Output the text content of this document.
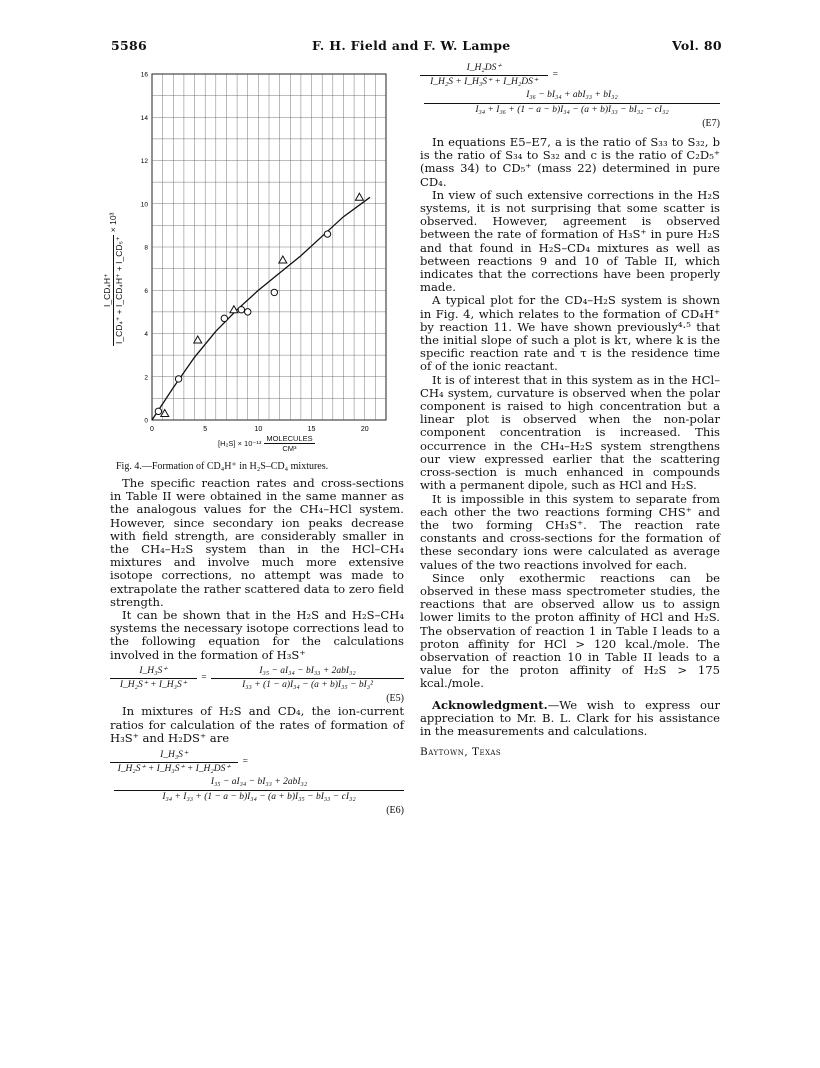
5586	F. H. Field and F. W. Lampe	Vol. 80
0	5	10	15	20
0
2
4
6
8
10
12
14
16
I_CD₄H⁺ I_CD₄⁺ + I_CD₄H⁺ + I_CD₅⁺
× 10³
$[H_2S] \times 10^{-13} \frac{\text{MOLECULES}}{\text{CM³}}$
Fig. 4.—Formation of CD₄H⁺ in H₂S–CD₄ mixtures.

The specific reaction rates and cross-sections in Table II were obtained in the same manner as the analogous values for the CH₄–HCl system. However, since secondary ion peaks decrease with field strength, are considerably smaller in the CH₄–H₂S system than in the HCl–CH₄ mixtures and involve much more extensive isotope corrections, no attempt was made to extrapolate the rather scattered data to zero field strength.

It can be shown that in the H₂S and H₂S–CH₄ systems the necessary isotope corrections lead to the following equation for the calculations involved in the formation of H₃S⁺

$\frac{\text{I\_H₃S⁺}}{\text{I\_H₂S⁺ + I\_H₃S⁺}} = \frac{\text{I₃₅ − aI₃₄ − bI₃₃ + 2abI₃₂}}{\text{I₃₃ + (1 − a)I₃₄ − (a + b)I₃₅ − bI₃²}}$
(E5)

In mixtures of H₂S and CD₄, the ion-current ratios for calculation of the rates of formation of H₃S⁺ and H₂DS⁺ are

$\frac{\text{I\_H₃S⁺}}{\text{I\_H₂S⁺ + I\_H₃S⁺ + I\_H₂DS⁺}}$ =
$\frac{\text{I₃₅ − aI₃₄ − bI₃₃ + 2abI₃₂}}{\text{I₃₄ + I₃₃ + (1 − a − b)I₃₄ − (a + b)I₃₅ − bI₃₃ − cI₃₂}}$
(E6)
$\frac{\text{I\_H₂DS⁺}}{\text{I\_H₂S + I\_H₃S⁺ + I\_H₂DS⁺}}$ =
$\frac{\text{I₃₆ − bI₃₄ + abI₃₃ + bI₃₂}}{\text{I₃₄ + I₃₆ + (1 − a − b)I₃₄ − (a + b)I₃₃ − bI₃₂ − cI₃₂}}$
(E7)

In equations E5–E7, a is the ratio of S₃₃ to S₃₂, b is the ratio of S₃₄ to S₃₂ and c is the ratio of C₂D₅⁺ (mass 34) to CD₅⁺ (mass 22) determined in pure CD₄.

In view of such extensive corrections in the H₂S systems, it is not surprising that some scatter is observed. However, agreement is observed between the rate of formation of H₃S⁺ in pure H₂S and that found in H₂S–CD₄ mixtures as well as between reactions 9 and 10 of Table II, which indicates that the corrections have been properly made.

A typical plot for the CD₄–H₂S system is shown in Fig. 4, which relates to the formation of CD₄H⁺ by reaction 11. We have shown previously⁴·⁵ that the initial slope of such a plot is kτ, where k is the specific reaction rate and τ is the residence time of of the ionic reactant.

It is of interest that in this system as in the HCl–CH₄ system, curvature is observed when the polar component is raised to high concentration but a linear plot is observed when the non-polar component concentration is increased. This occurrence in the CH₄–H₂S system strengthens our view expressed earlier that the scattering cross-section is much enhanced in compounds with a permanent dipole, such as HCl and H₂S.

It is impossible in this system to separate from each other the two reactions forming CHS⁺ and the two forming CH₃S⁺. The reaction rate constants and cross-sections for the formation of these secondary ions were calculated as average values of the two reactions involved for each.

Since only exothermic reactions can be observed in these mass spectrometer studies, the reactions that are observed allow us to assign lower limits to the proton affinity of HCl and H₂S. The observation of reaction 1 in Table I leads to a proton affinity for HCl > 120 kcal./mole. The observation of reaction 10 in Table II leads to a value for the proton affinity of H₂S > 175 kcal./mole.

Acknowledgment.—We wish to express our appreciation to Mr. B. L. Clark for his assistance in the measurements and calculations.

Baytown, Texas
